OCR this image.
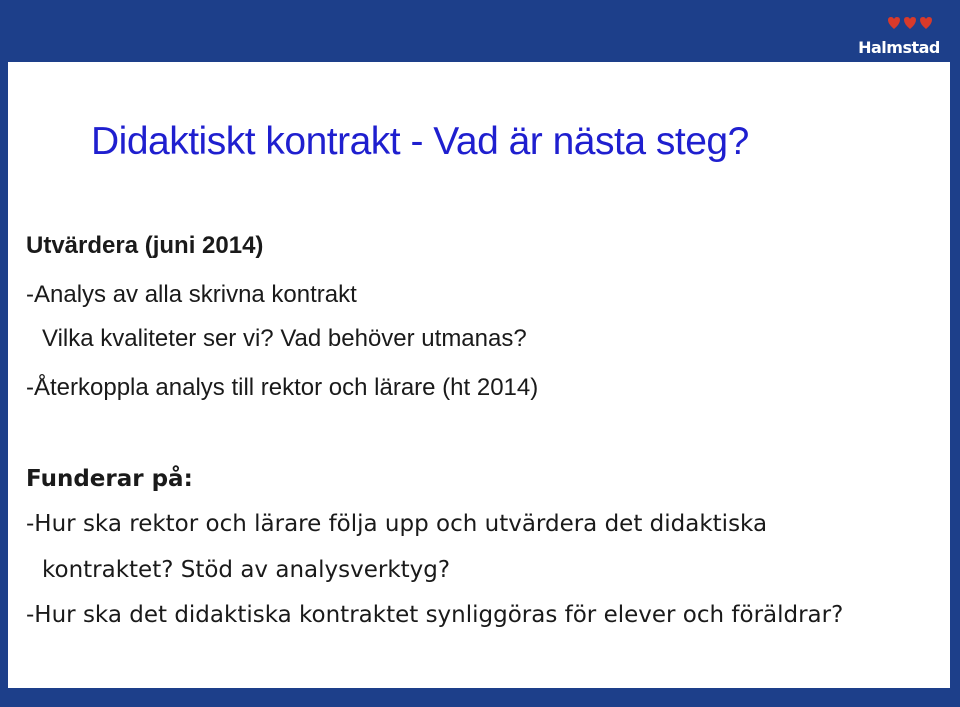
Halmstad
Didaktiskt kontrakt - Vad är nästa steg?
Utvärdera (juni 2014)
-Analys av alla skrivna kontrakt
Vilka kvaliteter ser vi? Vad behöver utmanas?
-Återkoppla analys till rektor och lärare (ht 2014)
Funderar på:
-Hur ska rektor och lärare följa upp och utvärdera det didaktiska
kontraktet? Stöd av analysverktyg?
-Hur ska det didaktiska kontraktet synliggöras för elever och föräldrar?
